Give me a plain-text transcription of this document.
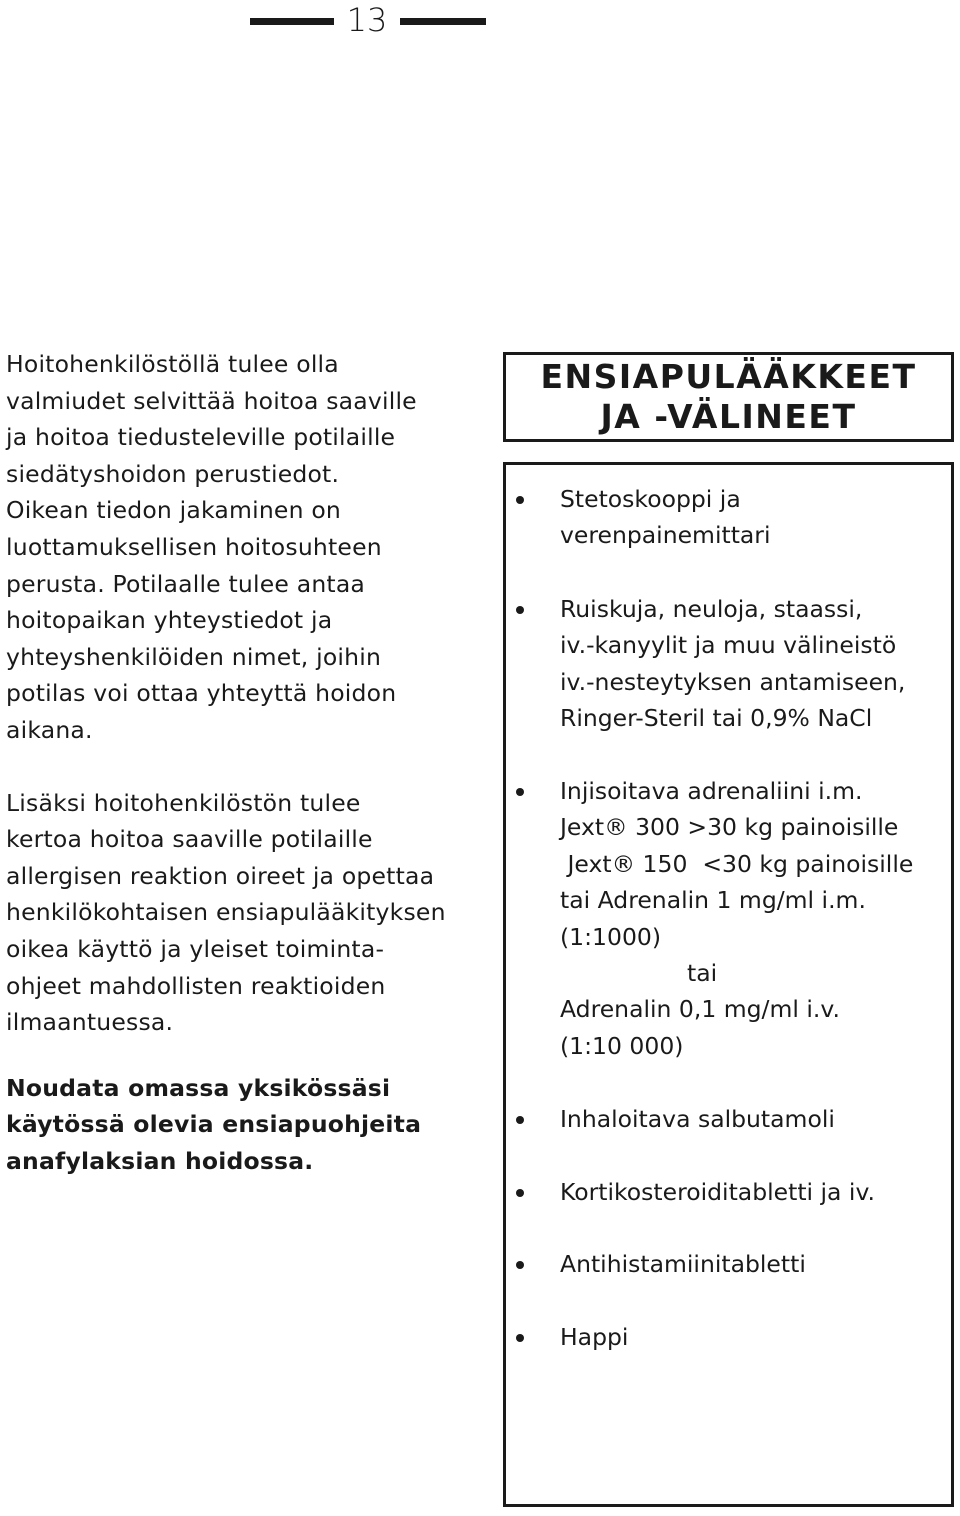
13

Hoitohenkilöstöllä tulee olla
valmiudet selvittää hoitoa saaville
ja hoitoa tiedusteleville potilaille
siedätyshoidon perustiedot.
Oikean tiedon jakaminen on
luottamuksellisen hoitosuhteen
perusta. Potilaalle tulee antaa
hoitopaikan yhteystiedot ja
yhteyshenkilöiden nimet, joihin
potilas voi ottaa yhteyttä hoidon
aikana.

Lisäksi hoitohenkilöstön tulee
kertoa hoitoa saaville potilaille
allergisen reaktion oireet ja opettaa
henkilökohtaisen ensiapulääkityksen
oikea käyttö ja yleiset toiminta-
ohjeet mahdollisten reaktioiden
ilmaantuessa.

Noudata omassa yksikössäsi
käytössä olevia ensiapuohjeita
anafylaksian hoidossa.

ENSIAPULÄÄKKEET
JA -VÄLINEET

Stetoskooppi ja
verenpainemittari

Ruiskuja, neuloja, staassi,
iv.-kanyylit ja muu välineistö
iv.-nesteytyksen antamiseen,
Ringer-Steril tai 0,9% NaCl

Injisoitava adrenaliini i.m.
Jext® 300 >30 kg painoisille
Jext® 150  <30 kg painoisille
tai Adrenalin 1 mg/ml i.m.
(1:1000)
tai
Adrenalin 0,1 mg/ml i.v.
(1:10 000)

Inhaloitava salbutamoli

Kortikosteroiditabletti ja iv.

Antihistamiinitabletti

Happi
